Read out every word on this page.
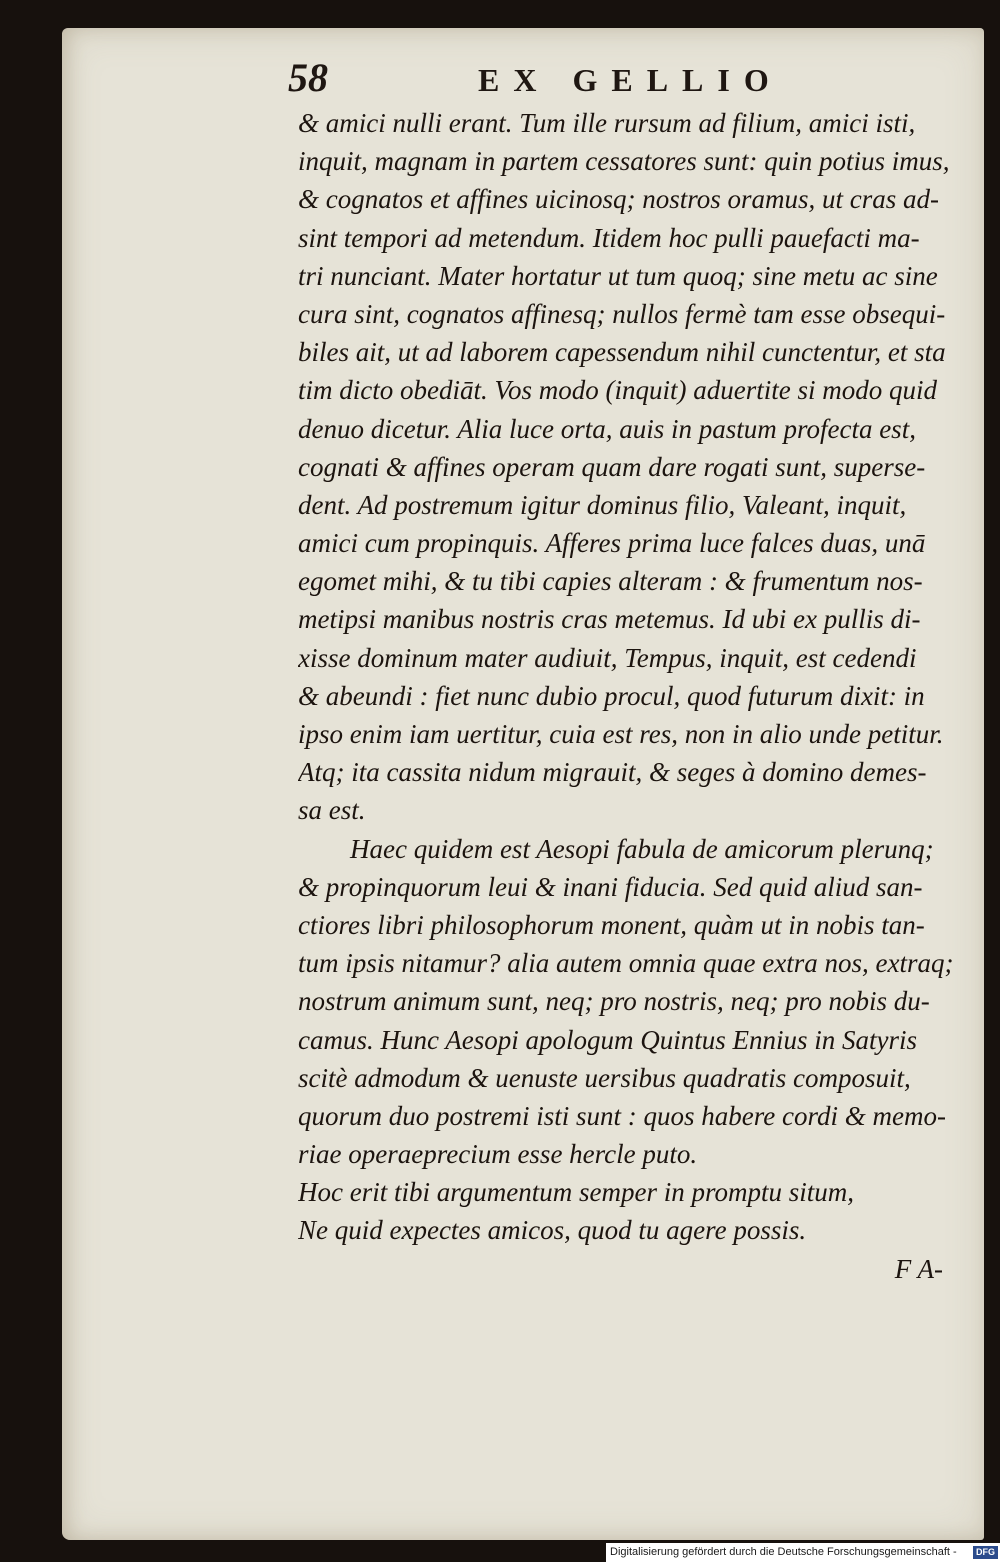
58	EX GELLIO
& amici nulli erant. Tum ille rursum ad filium, amici isti,
inquit, magnam in partem cessatores sunt: quin potius imus,
& cognatos et affines uicinosq; nostros oramus, ut cras ad-
sint tempori ad metendum. Itidem hoc pulli pauefacti ma-
tri nunciant. Mater hortatur ut tum quoq; sine metu ac sine
cura sint, cognatos affinesq; nullos fermè tam esse obsequi-
biles ait, ut ad laborem capessendum nihil cunctentur, et sta
tim dicto obediāt. Vos modo (inquit) aduertite si modo quid
denuo dicetur. Alia luce orta, auis in pastum profecta est,
cognati & affines operam quam dare rogati sunt, superse-
dent. Ad postremum igitur dominus filio, Valeant, inquit,
amici cum propinquis. Afferes prima luce falces duas, unā
egomet mihi, & tu tibi capies alteram : & frumentum nos-
metipsi manibus nostris cras metemus. Id ubi ex pullis di-
xisse dominum mater audiuit, Tempus, inquit, est cedendi
& abeundi : fiet nunc dubio procul, quod futurum dixit: in
ipso enim iam uertitur, cuia est res, non in alio unde petitur.
Atq; ita cassita nidum migrauit, & seges à domino demes-
sa est.
Haec quidem est Aesopi fabula de amicorum plerunq;
& propinquorum leui & inani fiducia. Sed quid aliud san-
ctiores libri philosophorum monent, quàm ut in nobis tan-
tum ipsis nitamur? alia autem omnia quae extra nos, extraq;
nostrum animum sunt, neq; pro nostris, neq; pro nobis du-
camus. Hunc Aesopi apologum Quintus Ennius in Satyris
scitè admodum & uenuste uersibus quadratis composuit,
quorum duo postremi isti sunt : quos habere cordi & memo-
riae operaeprecium esse hercle puto.
Hoc erit tibi argumentum semper in promptu situm,
Ne quid expectes amicos, quod tu agere possis.
F A-
Digitalisierung gefördert durch die Deutsche Forschungsgemeinschaft -	DFG
